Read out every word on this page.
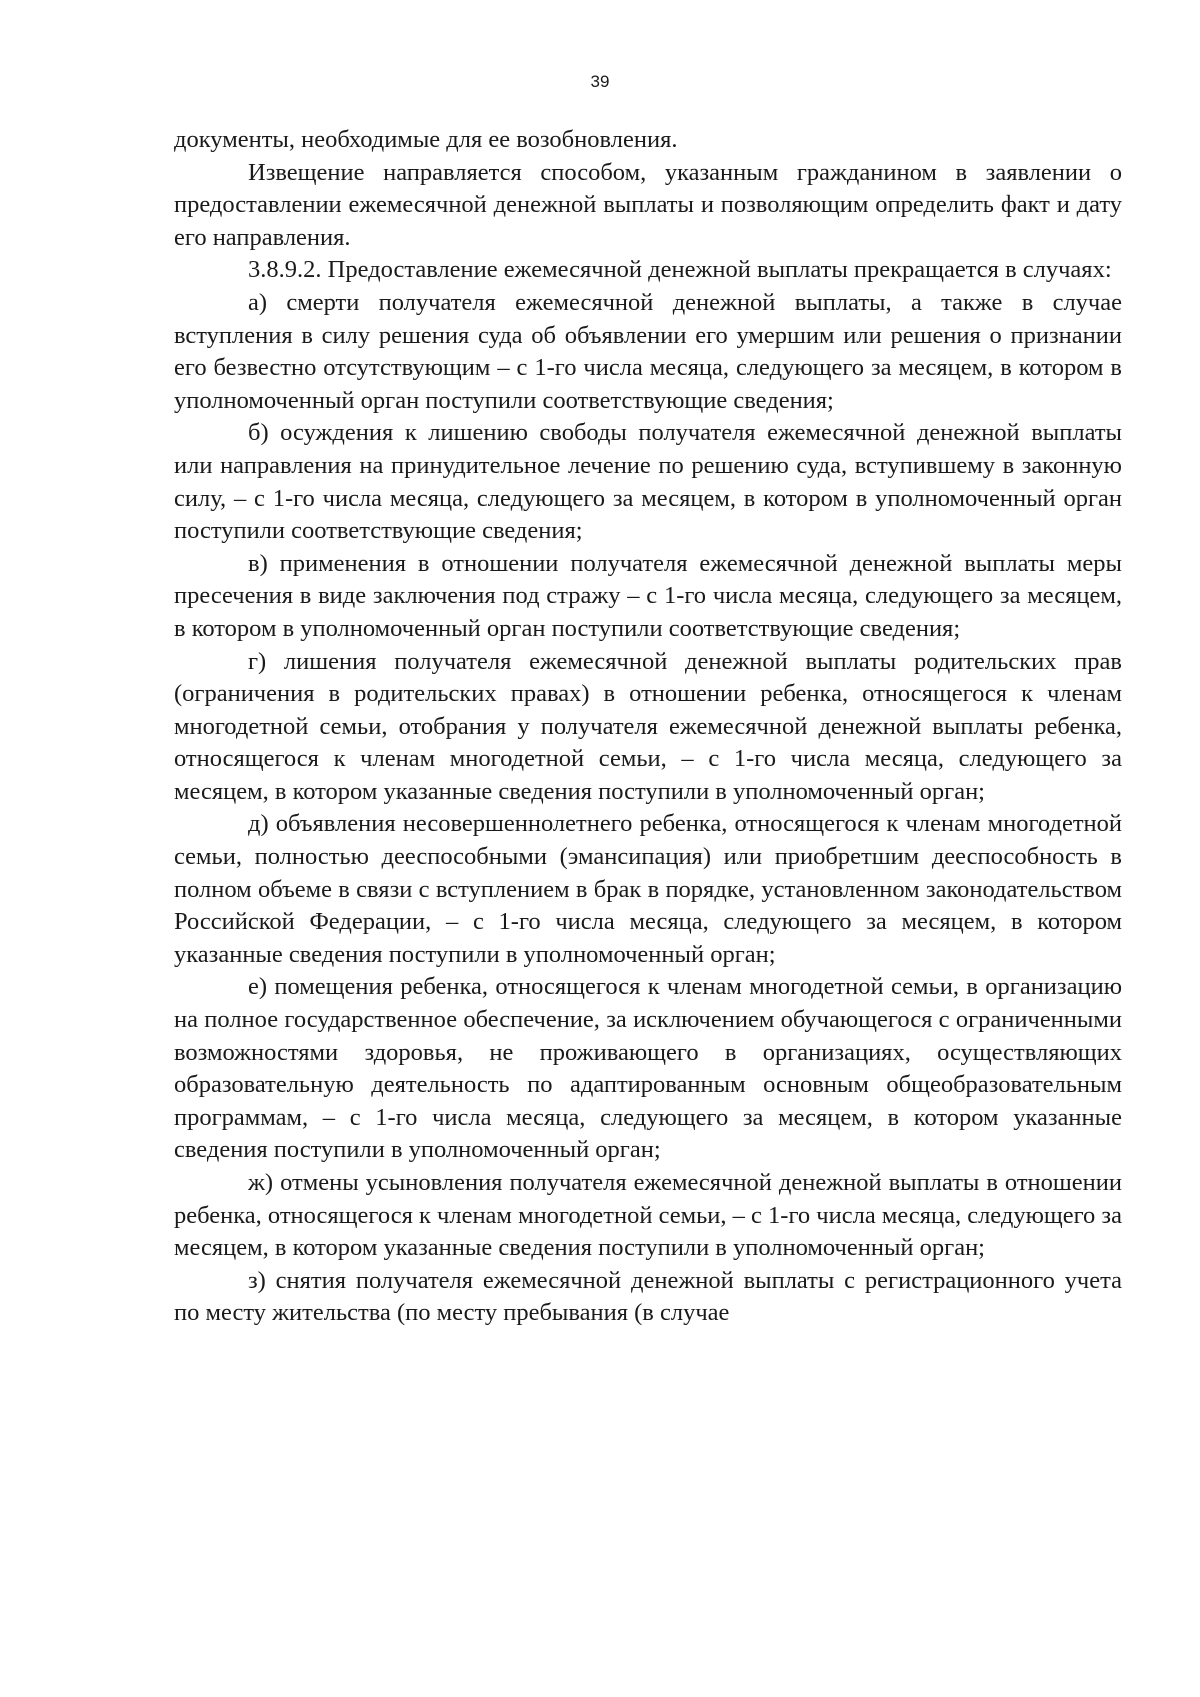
39

документы, необходимые для ее возобновления.

Извещение направляется способом, указанным гражданином в заявлении о предоставлении ежемесячной денежной выплаты и позволяющим определить факт и дату его направления.

3.8.9.2. Предоставление ежемесячной денежной выплаты прекращается в случаях:

а) смерти получателя ежемесячной денежной выплаты, а также в случае вступления в силу решения суда об объявлении его умершим или решения о признании его безвестно отсутствующим – с 1-го числа месяца, следующего за месяцем, в котором в уполномоченный орган поступили соответствующие сведения;

б) осуждения к лишению свободы получателя ежемесячной денежной выплаты или направления на принудительное лечение по решению суда, вступившему в законную силу, – с 1-го числа месяца, следующего за месяцем, в котором в уполномоченный орган поступили соответствующие сведения;

в) применения в отношении получателя ежемесячной денежной выплаты меры пресечения в виде заключения под стражу – с 1-го числа месяца, следующего за месяцем, в котором в уполномоченный орган поступили соответствующие сведения;

г) лишения получателя ежемесячной денежной выплаты родительских прав (ограничения в родительских правах) в отношении ребенка, относящегося к членам многодетной семьи, отобрания у получателя ежемесячной денежной выплаты ребенка, относящегося к членам многодетной семьи, – с 1-го числа месяца, следующего за месяцем, в котором указанные сведения поступили в уполномоченный орган;

д) объявления несовершеннолетнего ребенка, относящегося к членам многодетной семьи, полностью дееспособными (эмансипация) или приобретшим дееспособность в полном объеме в связи с вступлением в брак в порядке, установленном законодательством Российской Федерации, – с 1-го числа месяца, следующего за месяцем, в котором указанные сведения поступили в уполномоченный орган;

е) помещения ребенка, относящегося к членам многодетной семьи, в организацию на полное государственное обеспечение, за исключением обучающегося с ограниченными возможностями здоровья, не проживающего в организациях, осуществляющих образовательную деятельность по адаптированным основным общеобразовательным программам, – с 1-го числа месяца, следующего за месяцем, в котором указанные сведения поступили в уполномоченный орган;

ж) отмены усыновления получателя ежемесячной денежной выплаты в отношении ребенка, относящегося к членам многодетной семьи, – с 1-го числа месяца, следующего за месяцем, в котором указанные сведения поступили в уполномоченный орган;

з) снятия получателя ежемесячной денежной выплаты с регистрационного учета по месту жительства (по месту пребывания (в случае
